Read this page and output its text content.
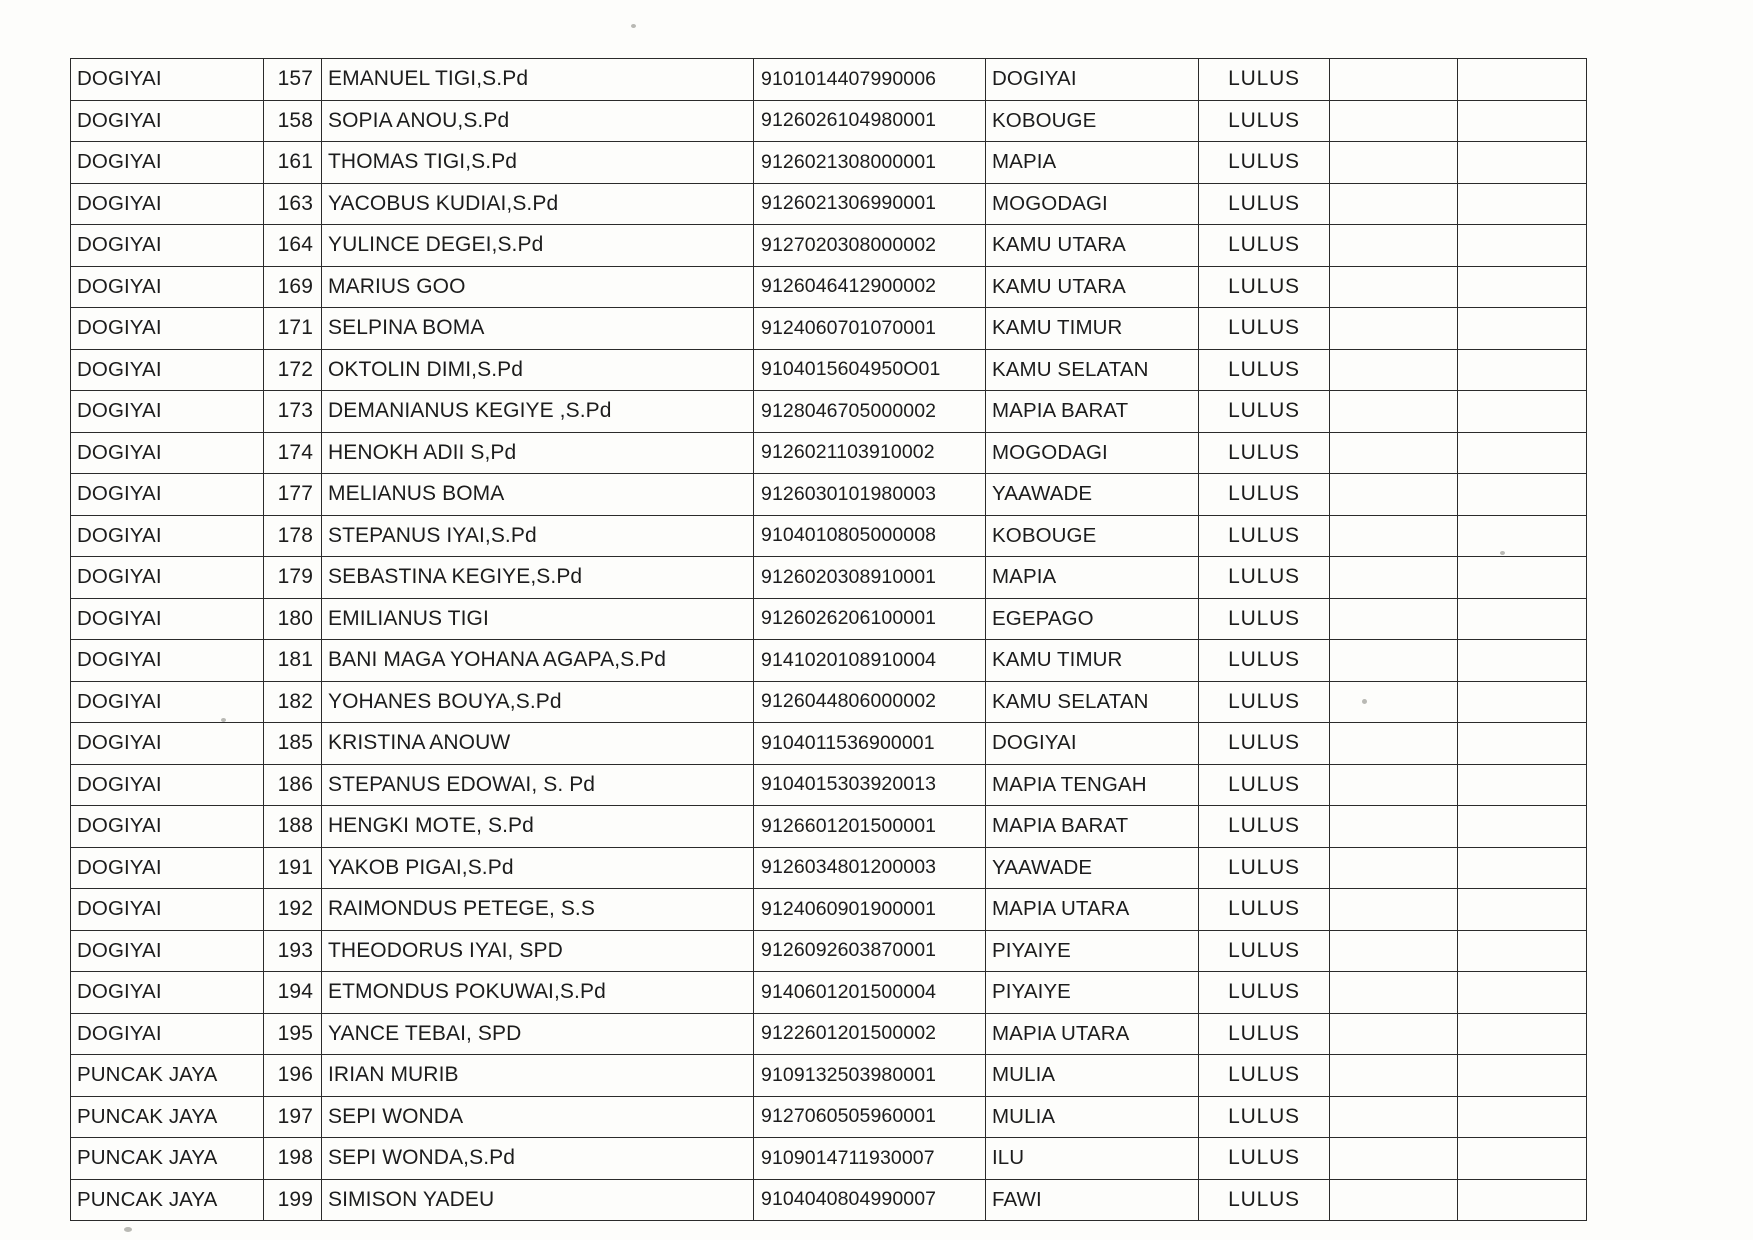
DOGIYAI	157	EMANUEL TIGI,S.Pd	9101014407990006	DOGIYAI	LULUS		
DOGIYAI	158	SOPIA ANOU,S.Pd	9126026104980001	KOBOUGE	LULUS		
DOGIYAI	161	THOMAS TIGI,S.Pd	9126021308000001	MAPIA	LULUS		
DOGIYAI	163	YACOBUS KUDIAI,S.Pd	9126021306990001	MOGODAGI	LULUS		
DOGIYAI	164	YULINCE DEGEI,S.Pd	9127020308000002	KAMU UTARA	LULUS		
DOGIYAI	169	MARIUS GOO	9126046412900002	KAMU UTARA	LULUS		
DOGIYAI	171	SELPINA BOMA	9124060701070001	KAMU TIMUR	LULUS		
DOGIYAI	172	OKTOLIN DIMI,S.Pd	9104015604950O01	KAMU SELATAN	LULUS		
DOGIYAI	173	DEMANIANUS KEGIYE ,S.Pd	9128046705000002	MAPIA BARAT	LULUS		
DOGIYAI	174	HENOKH ADII S,Pd	9126021103910002	MOGODAGI	LULUS		
DOGIYAI	177	MELIANUS BOMA	9126030101980003	YAAWADE	LULUS		
DOGIYAI	178	STEPANUS IYAI,S.Pd	9104010805000008	KOBOUGE	LULUS		
DOGIYAI	179	SEBASTINA KEGIYE,S.Pd	9126020308910001	MAPIA	LULUS		
DOGIYAI	180	EMILIANUS TIGI	9126026206100001	EGEPAGO	LULUS		
DOGIYAI	181	BANI MAGA YOHANA AGAPA,S.Pd	9141020108910004	KAMU TIMUR	LULUS		
DOGIYAI	182	YOHANES BOUYA,S.Pd	9126044806000002	KAMU SELATAN	LULUS		
DOGIYAI	185	KRISTINA ANOUW	9104011536900001	DOGIYAI	LULUS		
DOGIYAI	186	STEPANUS EDOWAI, S. Pd	9104015303920013	MAPIA TENGAH	LULUS		
DOGIYAI	188	HENGKI MOTE, S.Pd	9126601201500001	MAPIA BARAT	LULUS		
DOGIYAI	191	YAKOB PIGAI,S.Pd	9126034801200003	YAAWADE	LULUS		
DOGIYAI	192	RAIMONDUS PETEGE, S.S	9124060901900001	MAPIA UTARA	LULUS		
DOGIYAI	193	THEODORUS IYAI, SPD	9126092603870001	PIYAIYE	LULUS		
DOGIYAI	194	ETMONDUS POKUWAI,S.Pd	9140601201500004	PIYAIYE	LULUS		
DOGIYAI	195	YANCE TEBAI, SPD	9122601201500002	MAPIA UTARA	LULUS		
PUNCAK JAYA	196	IRIAN MURIB	9109132503980001	MULIA	LULUS		
PUNCAK JAYA	197	SEPI WONDA	9127060505960001	MULIA	LULUS		
PUNCAK JAYA	198	SEPI WONDA,S.Pd	9109014711930007	ILU	LULUS		
PUNCAK JAYA	199	SIMISON YADEU	9104040804990007	FAWI	LULUS		
